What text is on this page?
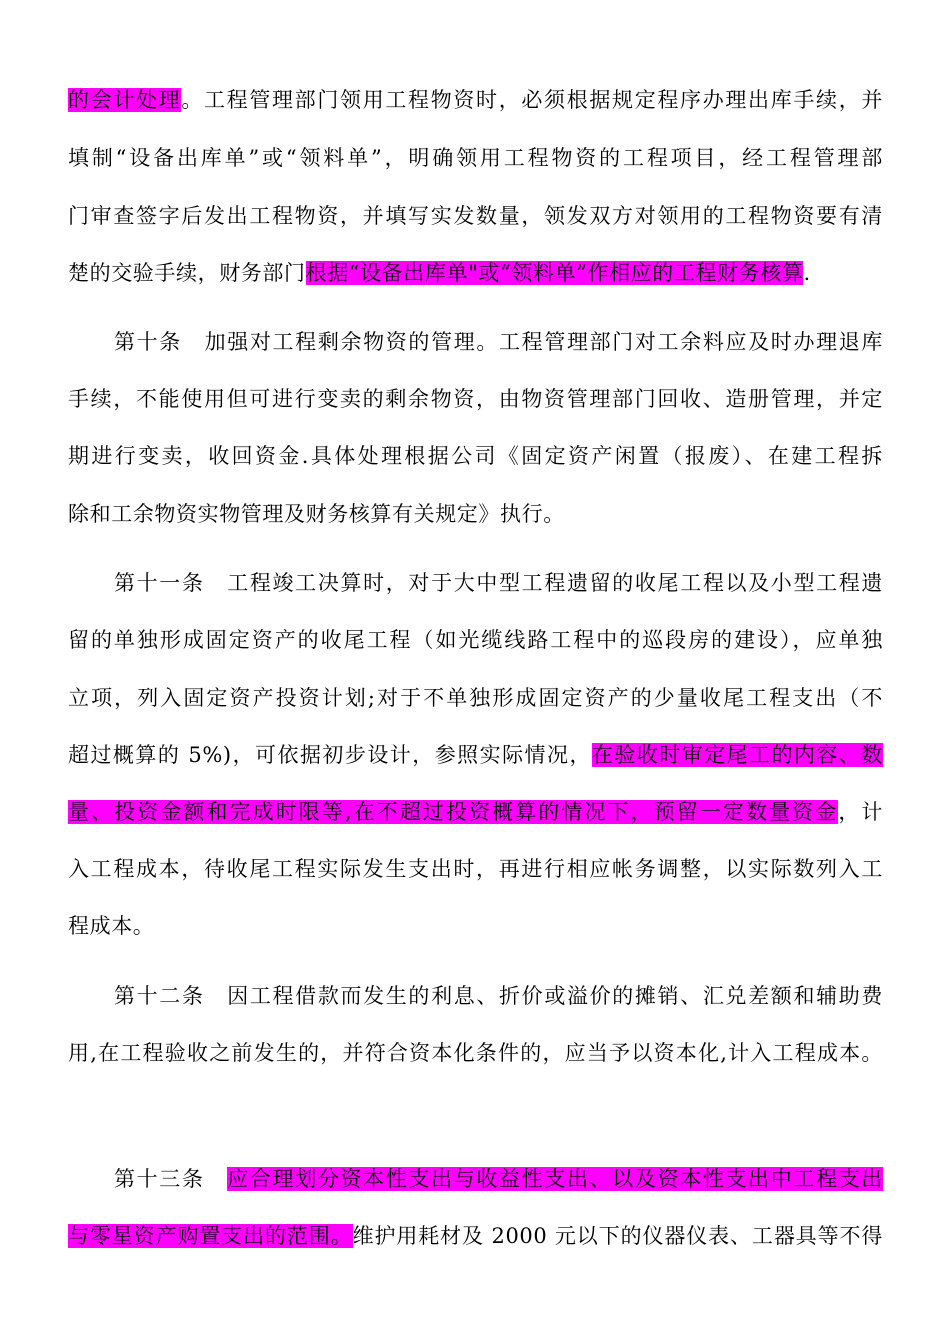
的会计处理。工程管理部门领用工程物资时，必须根据规定程序办理出库手续，并
填制“设备出库单”或“领料单”，明确领用工程物资的工程项目，经工程管理部
门审查签字后发出工程物资，并填写实发数量，领发双方对领用的工程物资要有清
楚的交验手续，财务部门根据“设备出库单"或“领料单”作相应的工程财务核算.
第十条　加强对工程剩余物资的管理。工程管理部门对工余料应及时办理退库
手续，不能使用但可进行变卖的剩余物资，由物资管理部门回收、造册管理，并定
期进行变卖，收回资金.具体处理根据公司《固定资产闲置（报废）、在建工程拆
除和工余物资实物管理及财务核算有关规定》执行。
第十一条　工程竣工决算时，对于大中型工程遗留的收尾工程以及小型工程遗
留的单独形成固定资产的收尾工程（如光缆线路工程中的巡段房的建设），应单独
立项，列入固定资产投资计划;对于不单独形成固定资产的少量收尾工程支出（不
超过概算的 5%)，可依据初步设计，参照实际情况，在验收时审定尾工的内容、数
量、投资金额和完成时限等,在不超过投资概算的情况下，预留一定数量资金，计
入工程成本，待收尾工程实际发生支出时，再进行相应帐务调整，以实际数列入工
程成本。
第十二条　因工程借款而发生的利息、折价或溢价的摊销、汇兑差额和辅助费
用,在工程验收之前发生的，并符合资本化条件的，应当予以资本化,计入工程成本。
第十三条　应合理划分资本性支出与收益性支出、以及资本性支出中工程支出
与零星资产购置支出的范围。维护用耗材及 2000 元以下的仪器仪表、工器具等不得
